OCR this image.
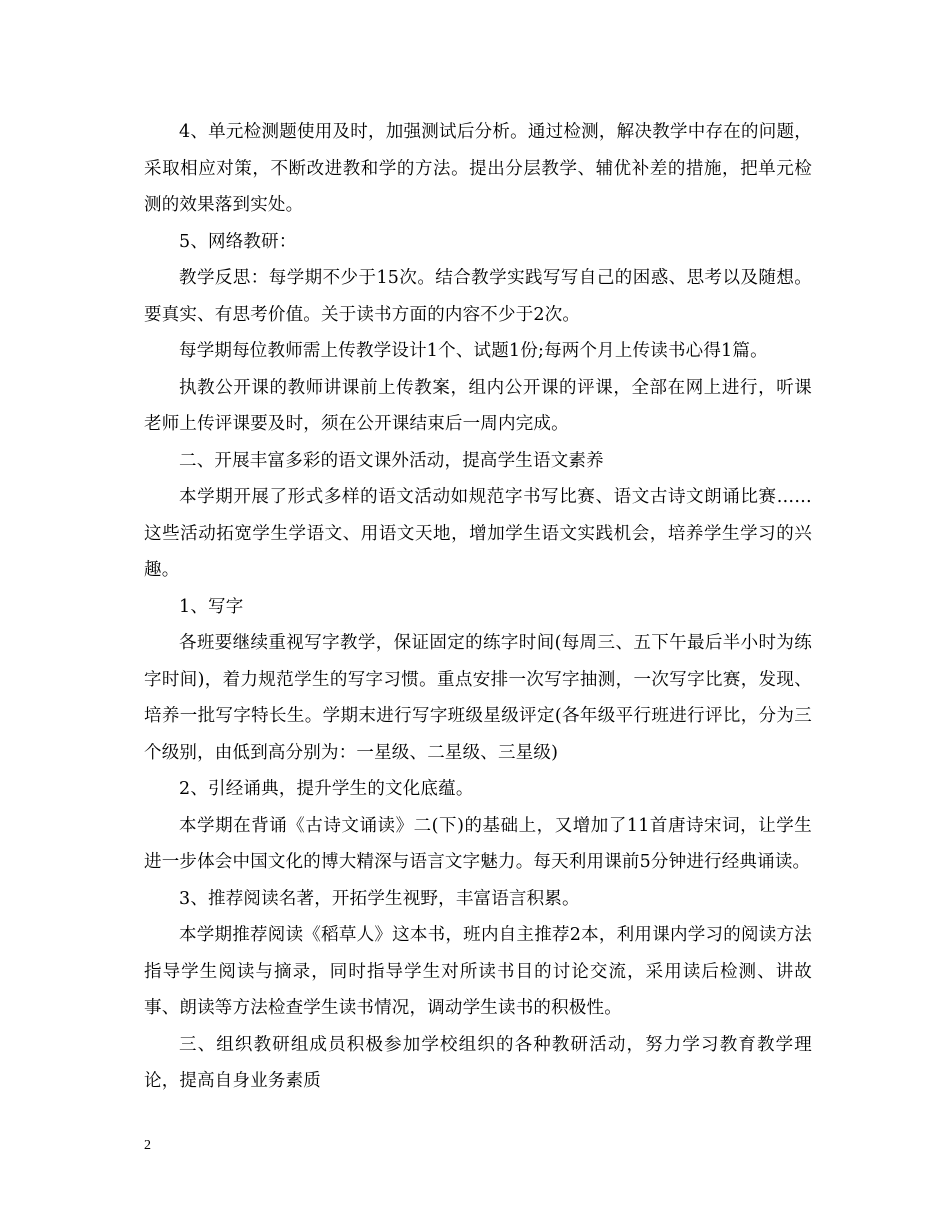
4、单元检测题使用及时，加强测试后分析。通过检测，解决教学中存在的问题，采取相应对策，不断改进教和学的方法。提出分层教学、辅优补差的措施，把单元检测的效果落到实处。

5、网络教研：

教学反思：每学期不少于15次。结合教学实践写写自己的困惑、思考以及随想。要真实、有思考价值。关于读书方面的内容不少于2次。

每学期每位教师需上传教学设计1个、试题1份;每两个月上传读书心得1篇。

执教公开课的教师讲课前上传教案，组内公开课的评课，全部在网上进行，听课老师上传评课要及时，须在公开课结束后一周内完成。

二、开展丰富多彩的语文课外活动，提高学生语文素养

本学期开展了形式多样的语文活动如规范字书写比赛、语文古诗文朗诵比赛……这些活动拓宽学生学语文、用语文天地，增加学生语文实践机会，培养学生学习的兴趣。

1、写字

各班要继续重视写字教学，保证固定的练字时间(每周三、五下午最后半小时为练字时间)，着力规范学生的写字习惯。重点安排一次写字抽测，一次写字比赛，发现、培养一批写字特长生。学期末进行写字班级星级评定(各年级平行班进行评比，分为三个级别，由低到高分别为：一星级、二星级、三星级)

2、引经诵典，提升学生的文化底蕴。

本学期在背诵《古诗文诵读》二(下)的基础上，又增加了11首唐诗宋词，让学生进一步体会中国文化的博大精深与语言文字魅力。每天利用课前5分钟进行经典诵读。

3、推荐阅读名著，开拓学生视野，丰富语言积累。

本学期推荐阅读《稻草人》这本书，班内自主推荐2本，利用课内学习的阅读方法指导学生阅读与摘录，同时指导学生对所读书目的讨论交流，采用读后检测、讲故事、朗读等方法检查学生读书情况，调动学生读书的积极性。

三、组织教研组成员积极参加学校组织的各种教研活动，努力学习教育教学理论，提高自身业务素质

2
